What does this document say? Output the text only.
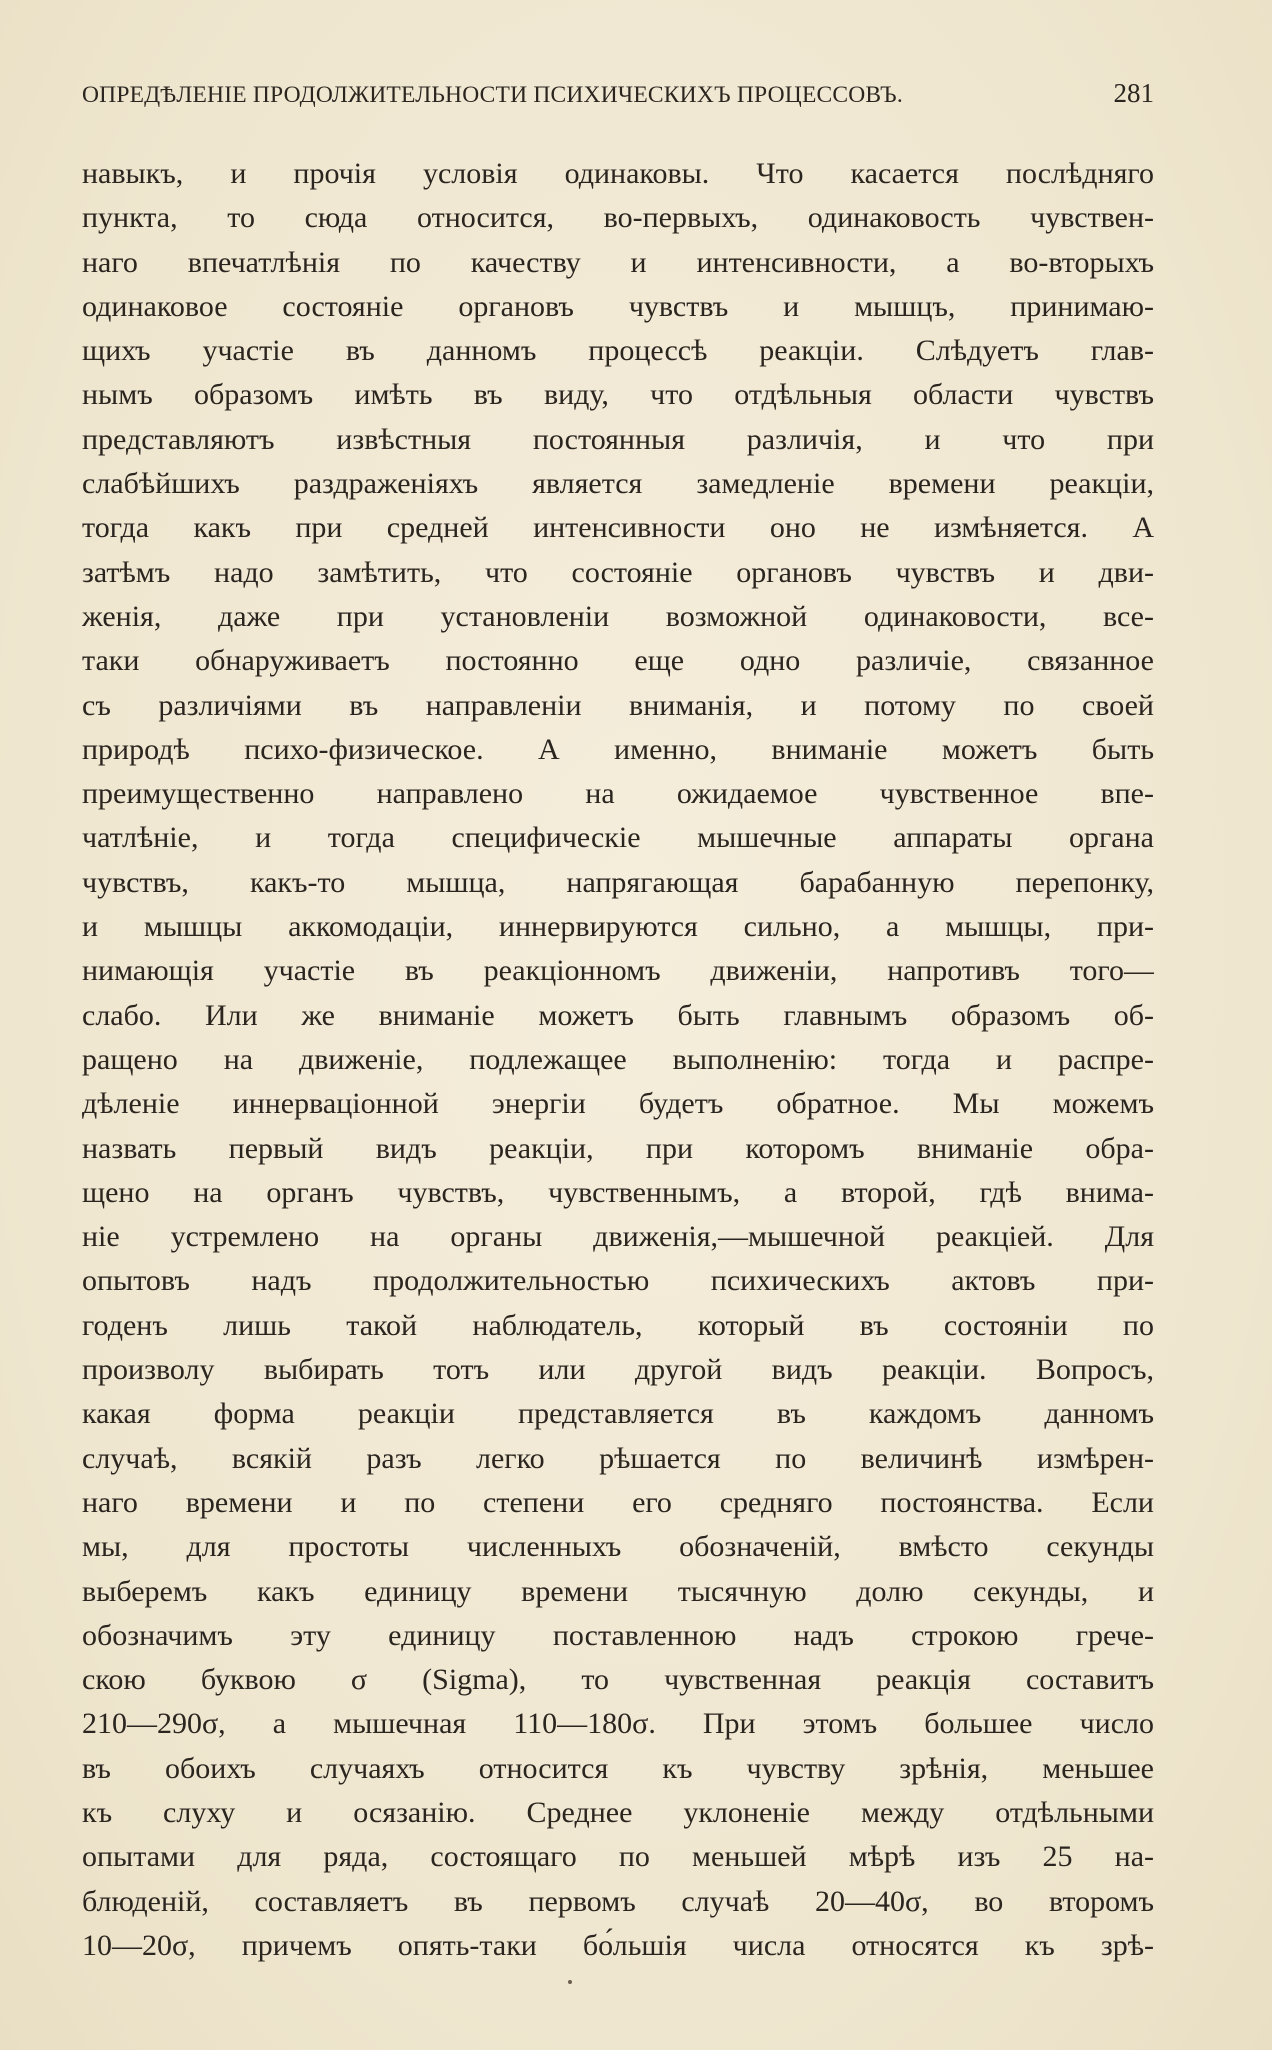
ОПРЕДѢЛЕНІЕ ПРОДОЛЖИТЕЛЬНОСТИ ПСИХИЧЕСКИХЪ ПРОЦЕССОВЪ.	281
навыкъ, и прочія условія одинаковы. Что касается послѣдняго
пункта, то сюда относится, во-первыхъ, одинаковость чувствен-
наго впечатлѣнія по качеству и интенсивности, а во-вторыхъ
одинаковое состояніе органовъ чувствъ и мышцъ, принимаю-
щихъ участіе въ данномъ процессѣ реакціи. Слѣдуетъ глав-
нымъ образомъ имѣть въ виду, что отдѣльныя области чувствъ
представляютъ извѣстныя постоянныя различія, и что при
слабѣйшихъ раздраженіяхъ является замедленіе времени реакціи,
тогда какъ при средней интенсивности оно не измѣняется. А
затѣмъ надо замѣтить, что состояніе органовъ чувствъ и дви-
женія, даже при установленіи возможной одинаковости, все-
таки обнаруживаетъ постоянно еще одно различіе, связанное
съ различіями въ направленіи вниманія, и потому по своей
природѣ психо-физическое. А именно, вниманіе можетъ быть
преимущественно направлено на ожидаемое чувственное впе-
чатлѣніе, и тогда специфическіе мышечные аппараты органа
чувствъ, какъ-то мышца, напрягающая барабанную перепонку,
и мышцы аккомодаціи, иннервируются сильно, а мышцы, при-
нимающія участіе въ реакціонномъ движеніи, напротивъ того—
слабо. Или же вниманіе можетъ быть главнымъ образомъ об-
ращено на движеніе, подлежащее выполненію: тогда и распре-
дѣленіе иннерваціонной энергіи будетъ обратное. Мы можемъ
назвать первый видъ реакціи, при которомъ вниманіе обра-
щено на органъ чувствъ, чувственнымъ, а второй, гдѣ внима-
ніе устремлено на органы движенія,—мышечной реакціей. Для
опытовъ надъ продолжительностью психическихъ актовъ при-
годенъ лишь такой наблюдатель, который въ состояніи по
произволу выбирать тотъ или другой видъ реакціи. Вопросъ,
какая форма реакціи представляется въ каждомъ данномъ
случаѣ, всякій разъ легко рѣшается по величинѣ измѣрен-
наго времени и по степени его средняго постоянства. Если
мы, для простоты численныхъ обозначеній, вмѣсто секунды
выберемъ какъ единицу времени тысячную долю секунды, и
обозначимъ эту единицу поставленною надъ строкою грече-
скою буквою σ (Sigma), то чувственная реакція составитъ
210—290σ, а мышечная 110—180σ. При этомъ большее число
въ обоихъ случаяхъ относится къ чувству зрѣнія, меньшее
къ слуху и осязанію. Среднее уклоненіе между отдѣльными
опытами для ряда, состоящаго по меньшей мѣрѣ изъ 25 на-
блюденій, составляетъ въ первомъ случаѣ 20—40σ, во второмъ
10—20σ, причемъ опять-таки бо́льшія числа относятся къ зрѣ-
